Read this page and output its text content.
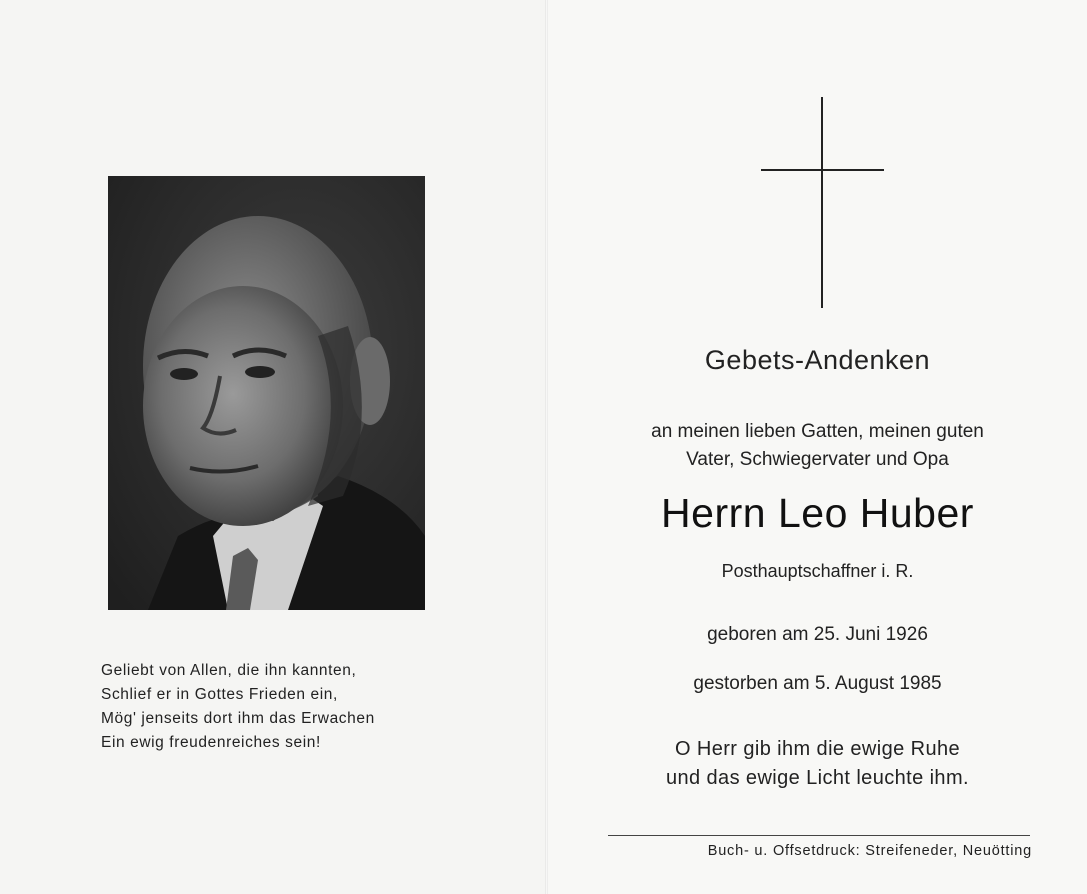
Geliebt von Allen, die ihn kannten,
Schlief er in Gottes Frieden ein,
Mög' jenseits dort ihm das Erwachen
Ein ewig freudenreiches sein!
Gebets-Andenken
an meinen lieben Gatten, meinen guten
Vater, Schwiegervater und Opa
Herrn Leo Huber
Posthauptschaffner i. R.
geboren am 25. Juni 1926
gestorben am 5. August 1985
O Herr gib ihm die ewige Ruhe
und das ewige Licht leuchte ihm.
Buch- u. Offsetdruck: Streifeneder, Neuötting
